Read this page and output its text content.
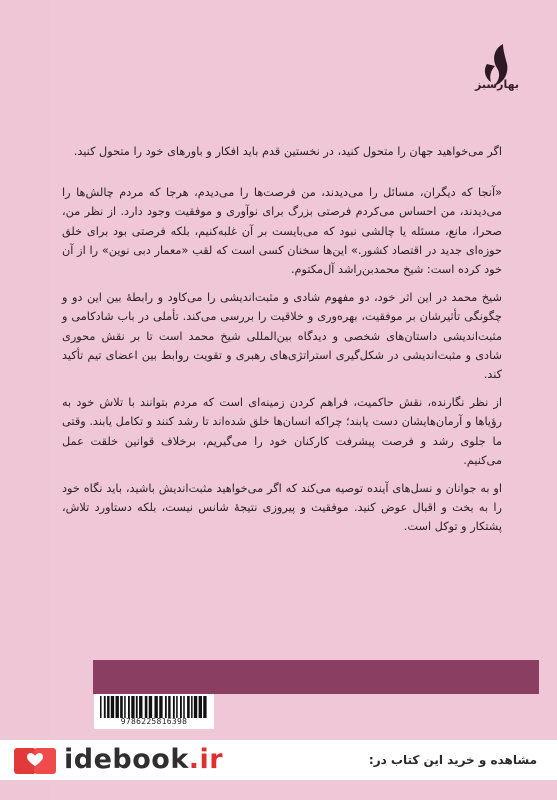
بهارسبز

اگر می‌خواهید جهان را متحول کنید، در نخستین قدم باید افکار و باورهای خود را متحول کنید.

«آنجا که دیگران، مسائل را می‌دیدند، من فرصت‌ها را می‌دیدم، هرجا که مردم چالش‌ها را می‌دیدند، من احساس می‌کردم فرصتی بزرگ برای نوآوری و موفقیت وجود دارد. از نظر من، صحرا، مانع، مسئله یا چالشی نبود که می‌بایست بر آن غلبه‌کنیم، بلکه فرصتی بود برای خلق حوزه‌ای جدید در اقتصاد کشور.» این‌ها سخنان کسی است که لقب «معمار دبی نوین» را از آن خود کرده است: شیخ محمدبن‌راشد آل‌مکتوم.

شیخ محمد در این اثر خود، دو مفهوم شادی و مثبت‌اندیشی را می‌کاود و رابطهٔ بین این دو و چگونگی تأثیرشان بر موفقیت، بهره‌وری و خلاقیت را بررسی می‌کند. تأملی در باب شادکامی و مثبت‌اندیشی داستان‌های شخصی و دیدگاه بین‌المللی شیخ محمد است تا بر نقش محوری شادی و مثبت‌اندیشی در شکل‌گیری استراتژی‌های رهبری و تقویت روابط بین اعضای تیم تأکید کند.

از نظر نگارنده، نقش حاکمیت، فراهم کردن زمینه‌ای است که مردم بتوانند با تلاش خود به رؤیاها و آرمان‌هایشان دست یابند؛ چراکه انسان‌ها خلق شده‌اند تا رشد کنند و تکامل یابند. وقتی ما جلوی رشد و فرصت پیشرفت کارکنان خود را می‌گیریم، برخلاف قوانین خلقت عمل می‌کنیم.

او به جوانان و نسل‌های آینده توصیه می‌کند که اگر می‌خواهید مثبت‌اندیش باشید، باید نگاه خود را به بخت و اقبال عوض کنید. موفقیت و پیروزی نتیجهٔ شانس نیست، بلکه دستاورد تلاش، پشتکار و توکل است.

9786225816398
idebook.ir	مشاهده و خرید این کتاب در:
